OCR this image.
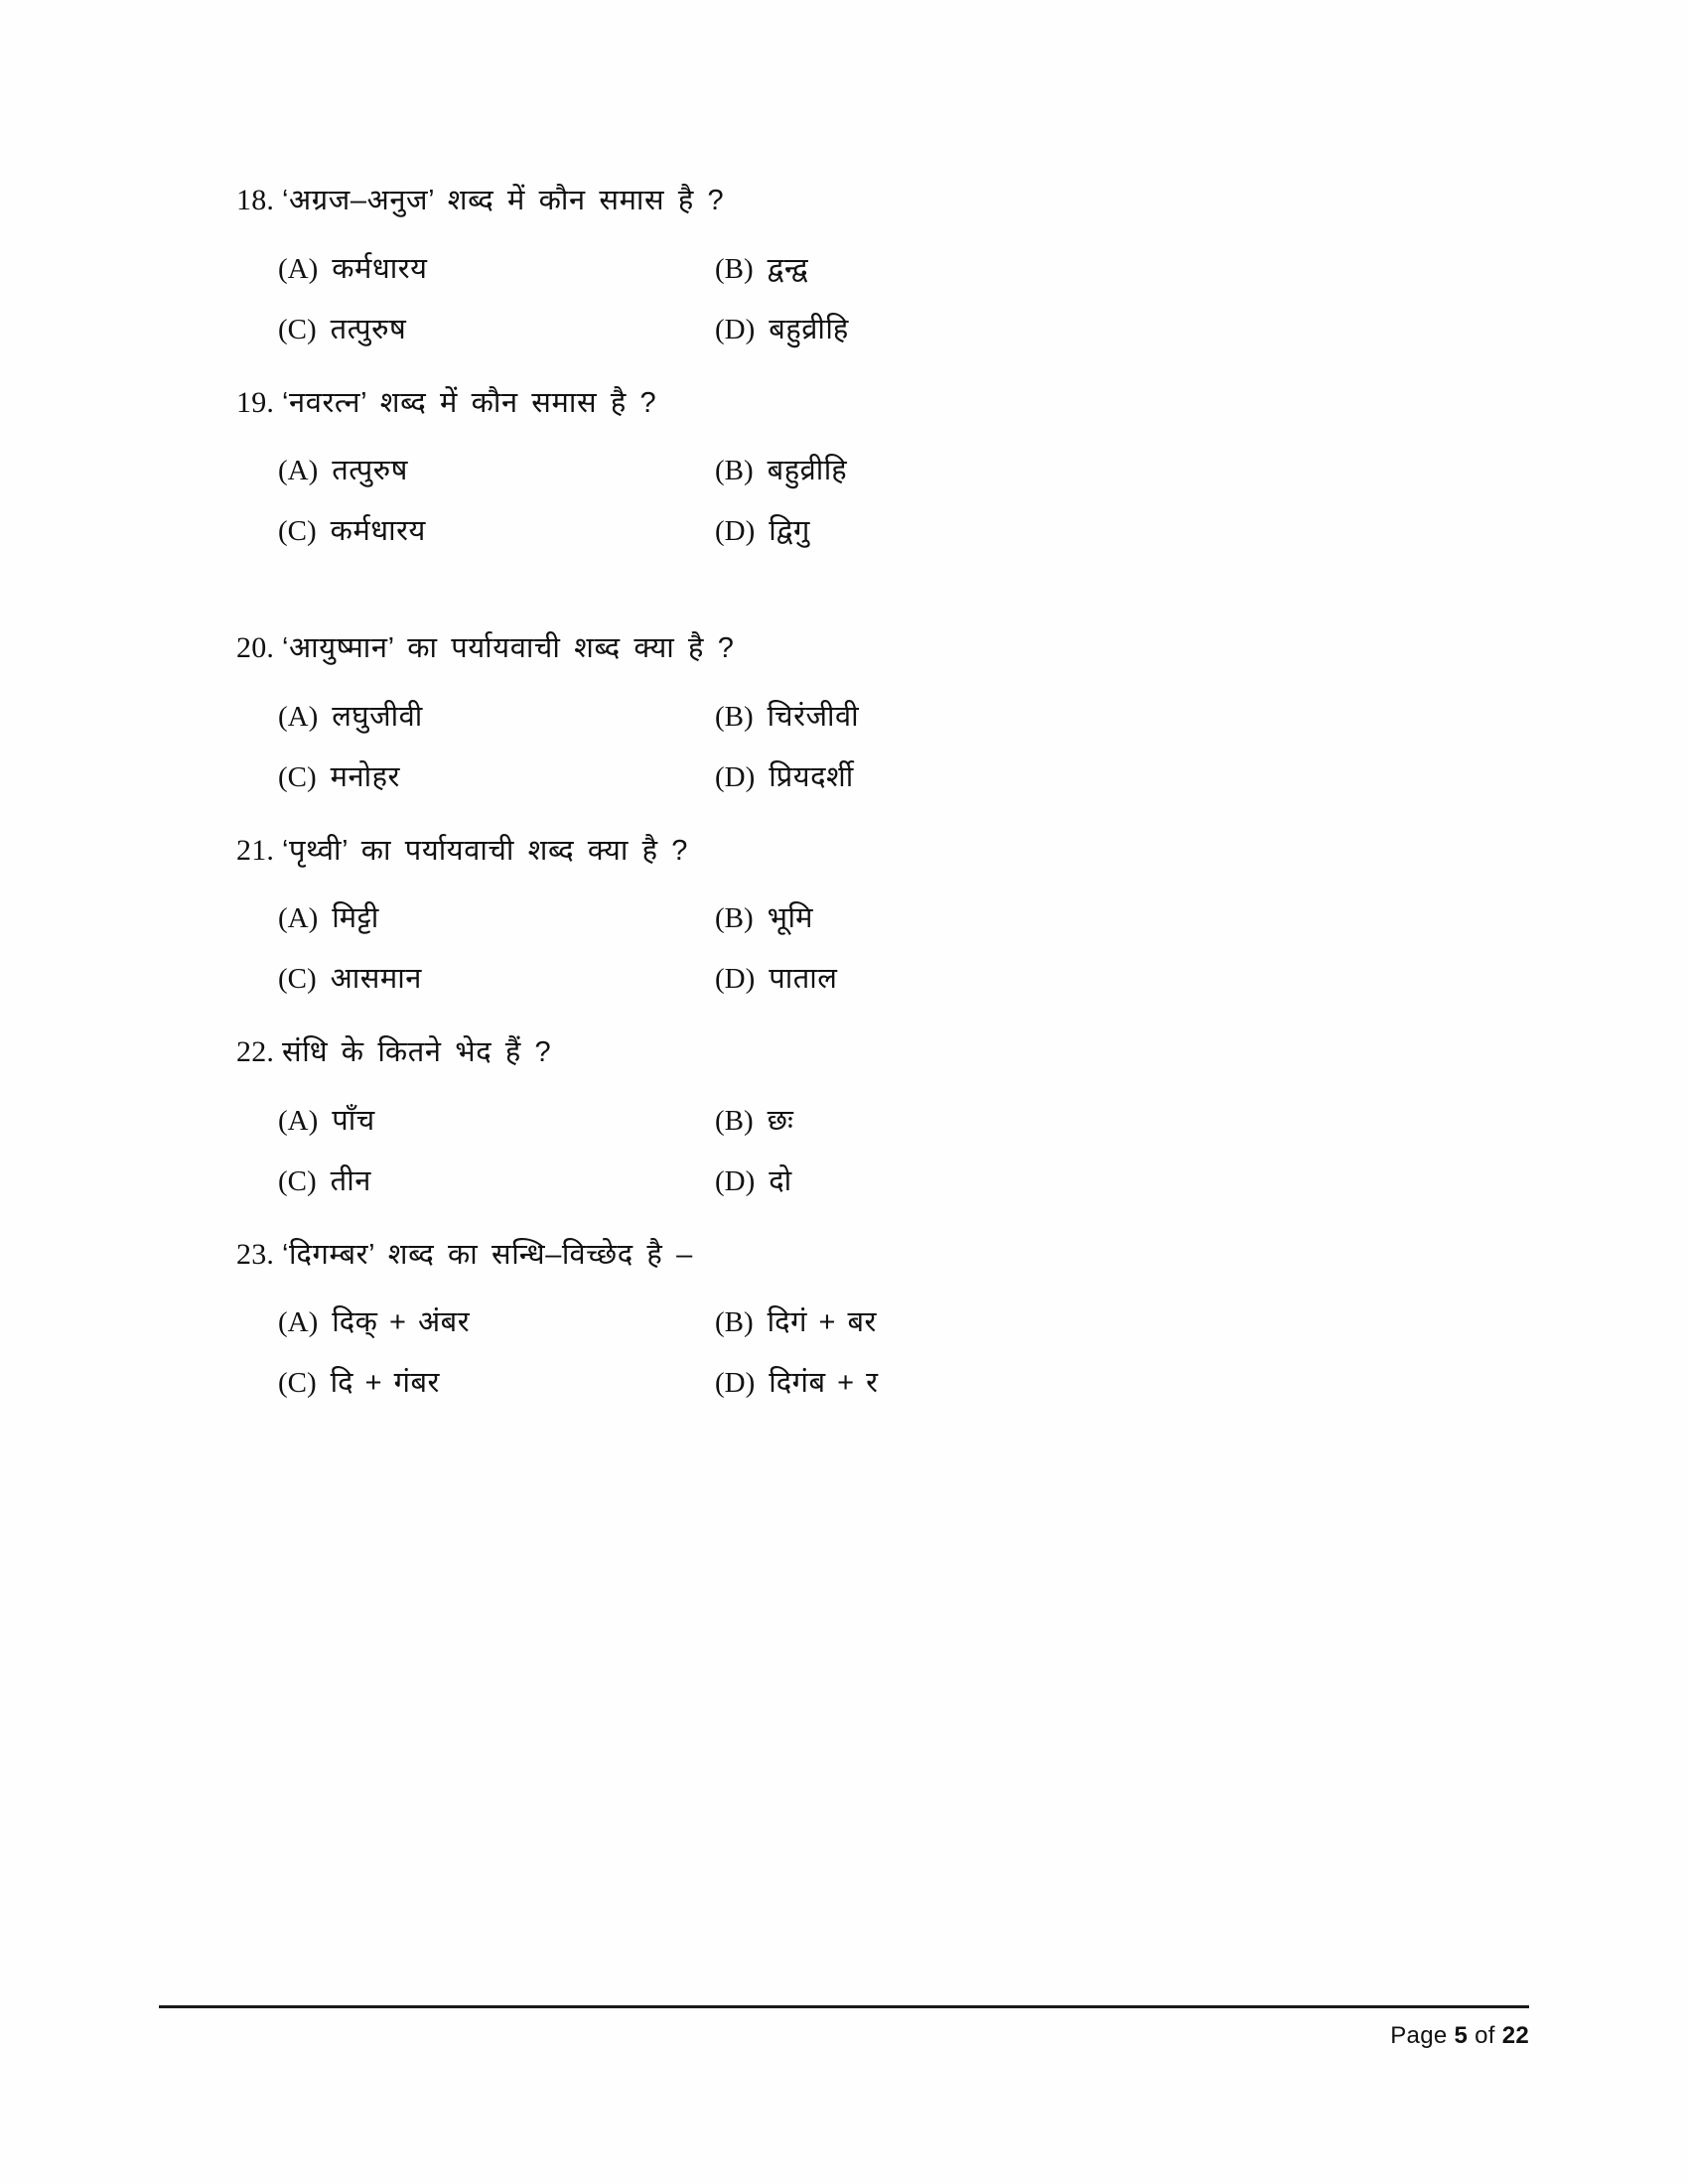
18. ‘अग्रज–अनुज’ शब्द में कौन समास है ?
(A) कर्मधारय	(B) द्वन्द्व
(C) तत्पुरुष	(D) बहुव्रीहि
19. ‘नवरत्न’ शब्द में कौन समास है ?
(A) तत्पुरुष	(B) बहुव्रीहि
(C) कर्मधारय	(D) द्विगु
20. ‘आयुष्मान’ का पर्यायवाची शब्द क्या है ?
(A) लघुजीवी	(B) चिरंजीवी
(C) मनोहर	(D) प्रियदर्शी
21. ‘पृथ्वी’ का पर्यायवाची शब्द क्या है ?
(A) मिट्टी	(B) भूमि
(C) आसमान	(D) पाताल
22. संधि के कितने भेद हैं ?
(A) पाँच	(B) छः
(C) तीन	(D) दो
23. ‘दिगम्बर’ शब्द का सन्धि–विच्छेद है –
(A) दिक् + अंबर	(B) दिगं + बर
(C) दि + गंबर	(D) दिगंब + र
Page 5 of 22
